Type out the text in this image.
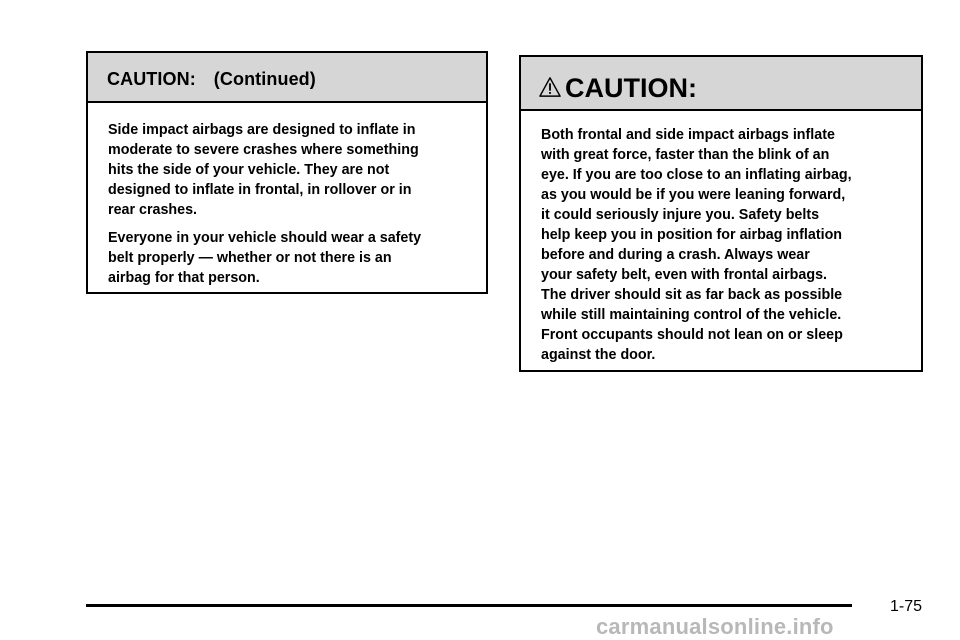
CAUTION: (Continued)

Side impact airbags are designed to inflate in
moderate to severe crashes where something
hits the side of your vehicle. They are not
designed to inflate in frontal, in rollover or in
rear crashes.

Everyone in your vehicle should wear a safety
belt properly — whether or not there is an
airbag for that person.

CAUTION:
Both frontal and side impact airbags inflate
with great force, faster than the blink of an
eye. If you are too close to an inflating airbag,
as you would be if you were leaning forward,
it could seriously injure you. Safety belts
help keep you in position for airbag inflation
before and during a crash. Always wear
your safety belt, even with frontal airbags.
The driver should sit as far back as possible
while still maintaining control of the vehicle.
Front occupants should not lean on or sleep
against the door.
1-75
carmanualsonline.info
